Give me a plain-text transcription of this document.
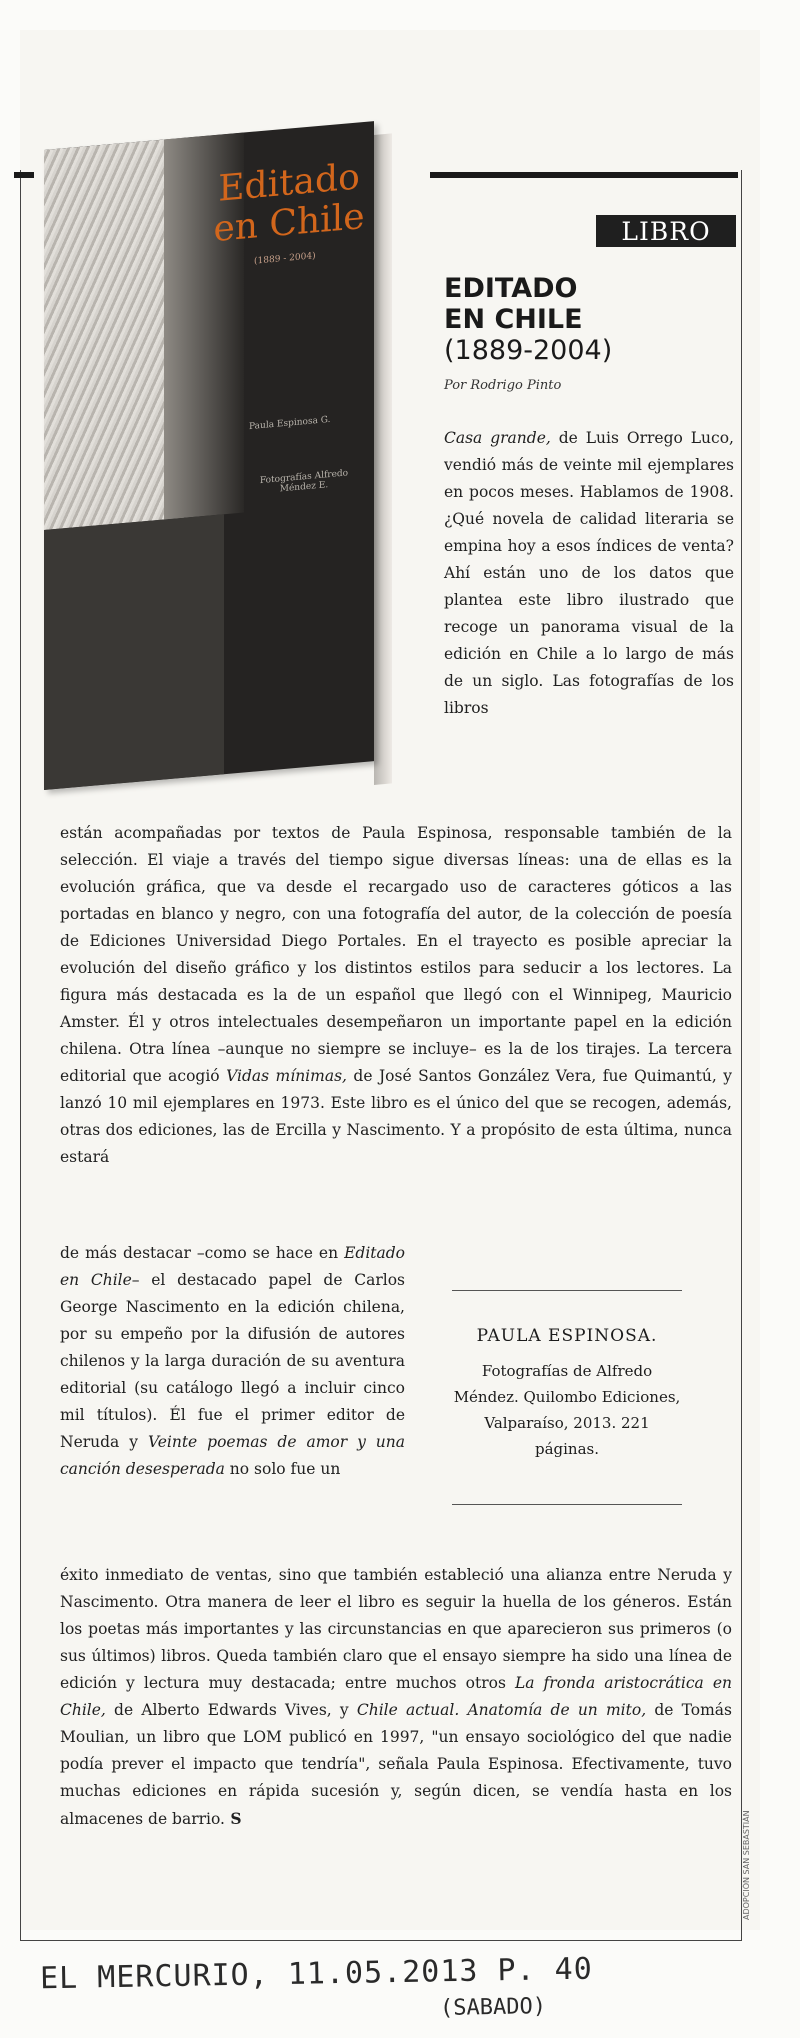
Editado en Chile
(1889 - 2004)
Paula Espinosa G.
Fotografías Alfredo Méndez E.
LIBRO
EDITADO
EN CHILE
(1889-2004)
Por Rodrigo Pinto

Casa grande, de Luis Orrego Luco, vendió más de veinte mil ejemplares en pocos meses. Hablamos de 1908. ¿Qué novela de calidad literaria se empina hoy a esos índices de venta? Ahí están uno de los datos que plantea este libro ilustrado que recoge un panorama visual de la edición en Chile a lo largo de más de un siglo. Las fotografías de los libros

están acompañadas por textos de Paula Espinosa, responsable también de la selección. El viaje a través del tiempo sigue diversas líneas: una de ellas es la evolución gráfica, que va desde el recargado uso de caracteres góticos a las portadas en blanco y negro, con una fotografía del autor, de la colección de poesía de Ediciones Universidad Diego Portales. En el trayecto es posible apreciar la evolución del diseño gráfico y los distintos estilos para seducir a los lectores. La figura más destacada es la de un español que llegó con el Winnipeg, Mauricio Amster. Él y otros intelectuales desempeñaron un importante papel en la edición chilena. Otra línea –aunque no siempre se incluye– es la de los tirajes. La tercera editorial que acogió Vidas mínimas, de José Santos González Vera, fue Quimantú, y lanzó 10 mil ejemplares en 1973. Este libro es el único del que se recogen, además, otras dos ediciones, las de Ercilla y Nascimento. Y a propósito de esta última, nunca estará

de más destacar –como se hace en Editado en Chile– el destacado papel de Carlos George Nascimento en la edición chilena, por su empeño por la difusión de autores chilenos y la larga duración de su aventura editorial (su catálogo llegó a incluir cinco mil títulos). Él fue el primer editor de Neruda y Veinte poemas de amor y una canción desesperada no solo fue un

PAULA ESPINOSA.
Fotografías de Alfredo Méndez. Quilombo Ediciones, Valparaíso, 2013. 221 páginas.

éxito inmediato de ventas, sino que también estableció una alianza entre Neruda y Nascimento. Otra manera de leer el libro es seguir la huella de los géneros. Están los poetas más importantes y las circunstancias en que aparecieron sus primeros (o sus últimos) libros. Queda también claro que el ensayo siempre ha sido una línea de edición y lectura muy destacada; entre muchos otros La fronda aristocrática en Chile, de Alberto Edwards Vives, y Chile actual. Anatomía de un mito, de Tomás Moulian, un libro que LOM publicó en 1997, "un ensayo sociológico del que nadie podía prever el impacto que tendría", señala Paula Espinosa. Efectivamente, tuvo muchas ediciones en rápida sucesión y, según dicen, se vendía hasta en los almacenes de barrio. S	ADOPCIÓN SAN SEBASTIÁN
EL MERCURIO, 11.05.2013 P. 40
(SABADO)
